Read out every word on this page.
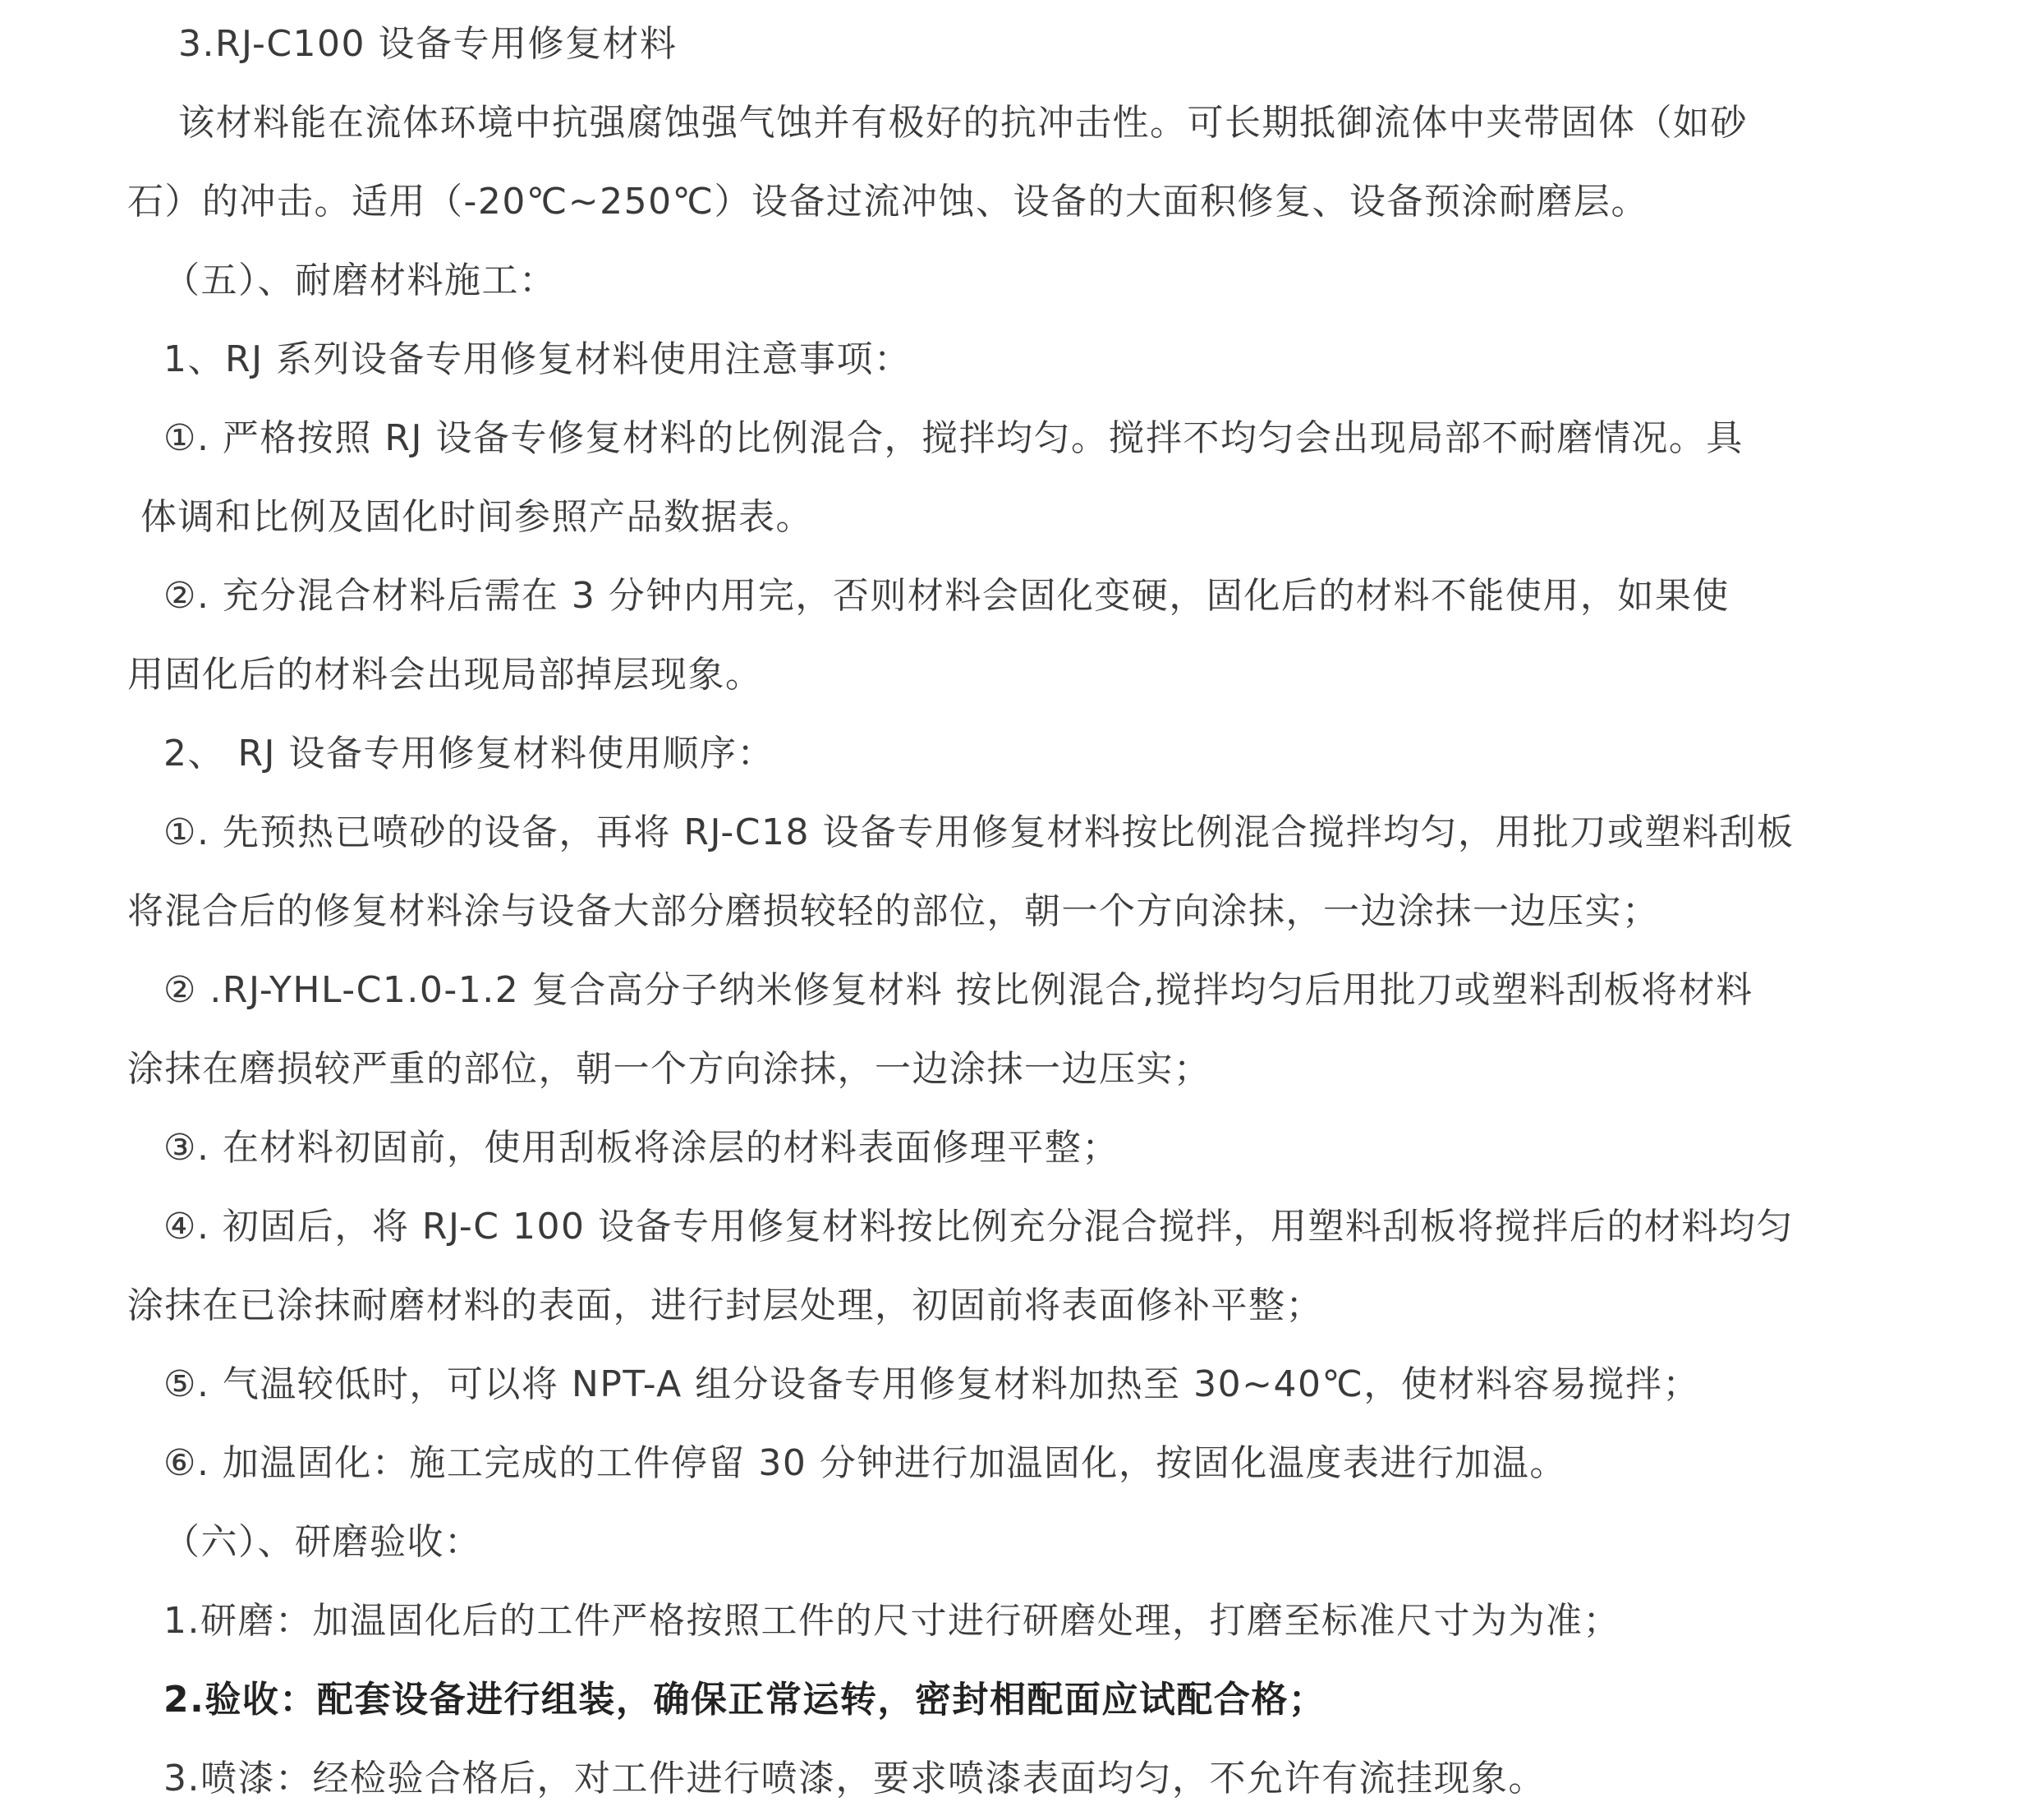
3.RJ-C100 设备专用修复材料
该材料能在流体环境中抗强腐蚀强气蚀并有极好的抗冲击性。可长期抵御流体中夹带固体（如砂
石）的冲击。适用（-20℃~250℃）设备过流冲蚀、设备的大面积修复、设备预涂耐磨层。
（五）、耐磨材料施工：
1、RJ 系列设备专用修复材料使用注意事项：
①. 严格按照 RJ 设备专修复材料的比例混合，搅拌均匀。搅拌不均匀会出现局部不耐磨情况。具
体调和比例及固化时间参照产品数据表。
②. 充分混合材料后需在 3 分钟内用完，否则材料会固化变硬，固化后的材料不能使用，如果使
用固化后的材料会出现局部掉层现象。
2、 RJ 设备专用修复材料使用顺序：
①. 先预热已喷砂的设备，再将 RJ-C18 设备专用修复材料按比例混合搅拌均匀，用批刀或塑料刮板
将混合后的修复材料涂与设备大部分磨损较轻的部位，朝一个方向涂抹，一边涂抹一边压实；
② .RJ-YHL-C1.0-1.2 复合高分子纳米修复材料 按比例混合,搅拌均匀后用批刀或塑料刮板将材料
涂抹在磨损较严重的部位，朝一个方向涂抹，一边涂抹一边压实；
③. 在材料初固前，使用刮板将涂层的材料表面修理平整；
④. 初固后，将 RJ-C 100 设备专用修复材料按比例充分混合搅拌，用塑料刮板将搅拌后的材料均匀
涂抹在已涂抹耐磨材料的表面，进行封层处理，初固前将表面修补平整；
⑤. 气温较低时，可以将 NPT-A 组分设备专用修复材料加热至 30~40℃，使材料容易搅拌；
⑥. 加温固化：施工完成的工件停留 30 分钟进行加温固化，按固化温度表进行加温。
（六）、研磨验收：
1.研磨：加温固化后的工件严格按照工件的尺寸进行研磨处理，打磨至标准尺寸为为准；
2.验收：配套设备进行组装，确保正常运转，密封相配面应试配合格；
3.喷漆：经检验合格后，对工件进行喷漆，要求喷漆表面均匀，不允许有流挂现象。
